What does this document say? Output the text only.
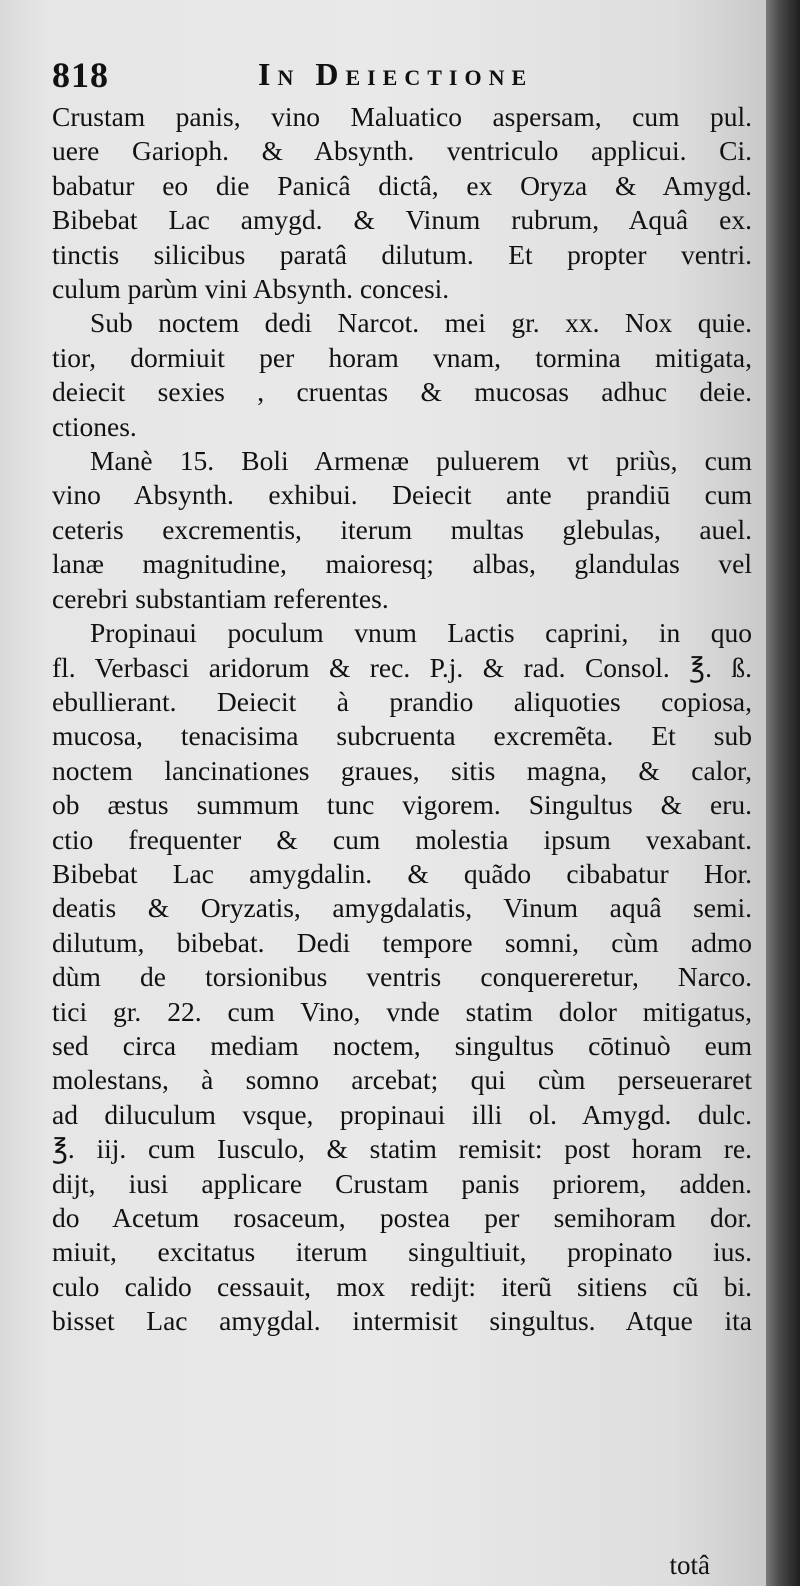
818	In Deiectione
Crustam panis, vino Maluatico aspersam, cum pul.
uere Garioph. & Absynth. ventriculo applicui. Ci.
babatur eo die Panicâ dictâ, ex Oryza & Amygd.
Bibebat Lac amygd. & Vinum rubrum, Aquâ ex.
tinctis silicibus paratâ dilutum. Et propter ventri.
culum parùm vini Absynth. concesi.
Sub noctem dedi Narcot. mei gr. xx. Nox quie.
tior, dormiuit per horam vnam, tormina mitigata,
deiecit sexies , cruentas & mucosas adhuc deie.
ctiones.
Manè 15. Boli Armenæ puluerem vt priùs, cum
vino Absynth. exhibui. Deiecit ante prandiū cum
ceteris excrementis, iterum multas glebulas, auel.
lanæ magnitudine, maioresq; albas, glandulas vel
cerebri substantiam referentes.
Propinaui poculum vnum Lactis caprini, in quo
fl. Verbasci aridorum & rec. P.j. & rad. Consol. ℥. ß.
ebullierant. Deiecit à prandio aliquoties copiosa,
mucosa, tenacisima subcruenta excremẽta. Et sub
noctem lancinationes graues, sitis magna, & calor,
ob æstus summum tunc vigorem. Singultus & eru.
ctio frequenter & cum molestia ipsum vexabant.
Bibebat Lac amygdalin. & quãdo cibabatur Hor.
deatis & Oryzatis, amygdalatis, Vinum aquâ semi.
dilutum, bibebat. Dedi tempore somni, cùm admo
dùm de torsionibus ventris conquereretur, Narco.
tici gr. 22. cum Vino, vnde statim dolor mitigatus,
sed circa mediam noctem, singultus cōtinuò eum
molestans, à somno arcebat; qui cùm perseueraret
ad diluculum vsque, propinaui illi ol. Amygd. dulc.
℥. iij. cum Iusculo, & statim remisit: post horam re.
dijt, iusi applicare Crustam panis priorem, adden.
do Acetum rosaceum, postea per semihoram dor.
miuit, excitatus iterum singultiuit, propinato ius.
culo calido cessauit, mox redijt: iterũ sitiens cũ bi.
bisset Lac amygdal. intermisit singultus. Atque ita
totâ
